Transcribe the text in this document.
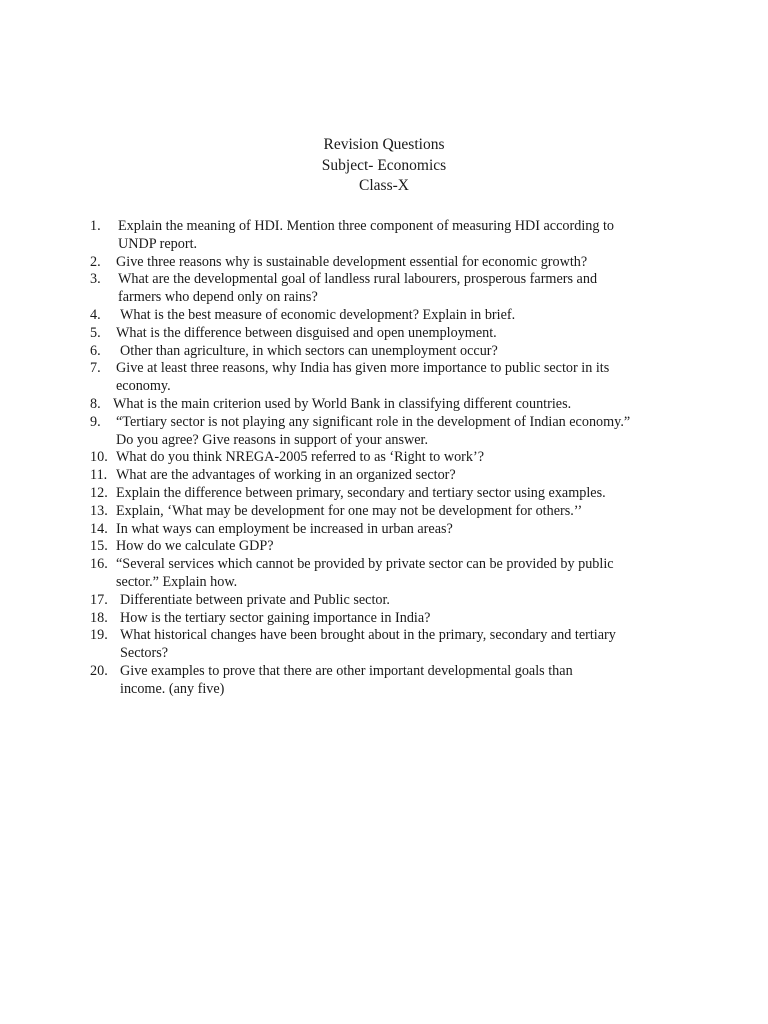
Revision Questions
Subject- Economics
Class-X
1.	Explain the meaning of HDI. Mention three component of measuring HDI according to
UNDP report.
2.	Give three reasons why is sustainable development essential for economic growth?
3.	What are the developmental goal of landless rural labourers, prosperous farmers and
farmers who depend only on rains?
4.	What is the best measure of economic development? Explain in brief.
5.	What is the difference between disguised and open unemployment.
6.	Other than agriculture, in which sectors can unemployment occur?
7.	Give at least three reasons, why India has given more importance to public sector in its
economy.
8. What is the main criterion used by World Bank in classifying different countries.
9.	“Tertiary sector is not playing any significant role in the development of Indian economy.”
Do you agree? Give reasons in support of your answer.
10. What do you think NREGA-2005 referred to as ‘Right to work’?
11. What are the advantages of working in an organized sector?
12. Explain the difference between primary, secondary and tertiary sector using examples.
13. Explain, ‘What may be development for one may not be development for others.’’
14. In what ways can employment be increased in urban areas?
15. How do we calculate GDP?
16. “Several services which cannot be provided by private sector can be provided by public
sector.” Explain how.
17. Differentiate between private and Public sector.
18. How is the tertiary sector gaining importance in India?
19. What historical changes have been brought about in the primary, secondary and tertiary
Sectors?
20. Give examples to prove that there are other important developmental goals than
income. (any five)
